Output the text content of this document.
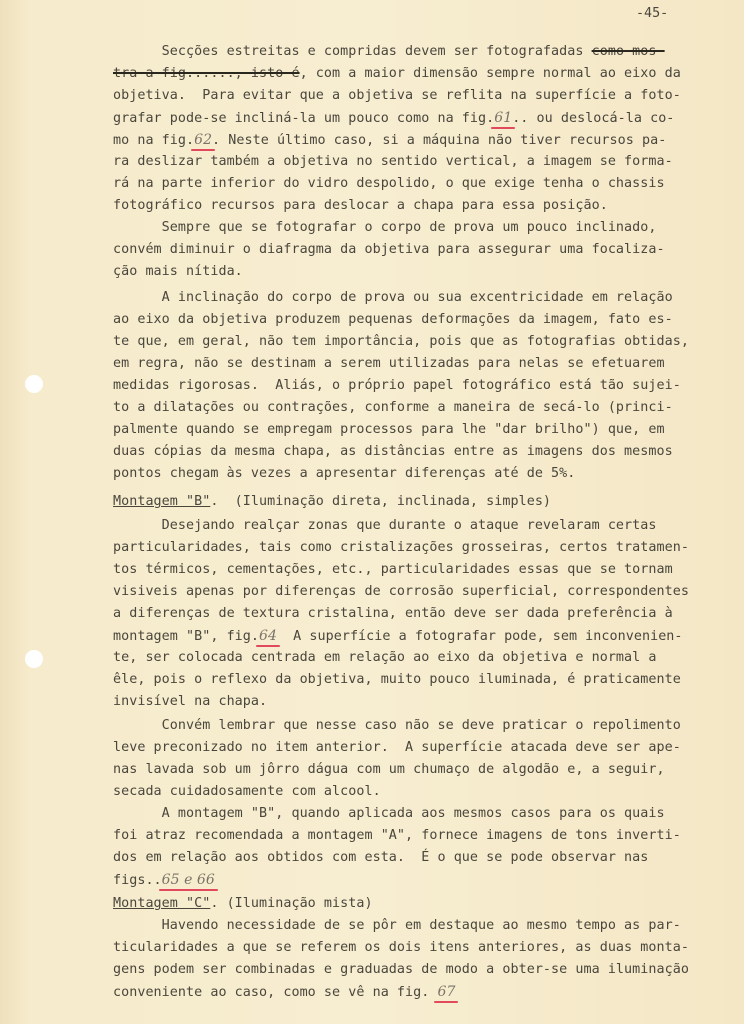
-45-
Secções estreitas e compridas devem ser fotografadas como mos-
tra a fig......, isto é, com a maior dimensão sempre normal ao eixo da
objetiva.  Para evitar que a objetiva se reflita na superfície a foto-
grafar pode-se incliná-la um pouco como na fig.61.. ou deslocá-la co-
mo na fig.62. Neste último caso, si a máquina não tiver recursos pa-
ra deslizar também a objetiva no sentido vertical, a imagem se forma-
rá na parte inferior do vidro despolido, o que exige tenha o chassis
fotográfico recursos para deslocar a chapa para essa posição.
Sempre que se fotografar o corpo de prova um pouco inclinado,
convém diminuir o diafragma da objetiva para assegurar uma focaliza-
ção mais nítida.
A inclinação do corpo de prova ou sua excentricidade em relação
ao eixo da objetiva produzem pequenas deformações da imagem, fato es-
te que, em geral, não tem importância, pois que as fotografias obtidas,
em regra, não se destinam a serem utilizadas para nelas se efetuarem
medidas rigorosas.  Aliás, o próprio papel fotográfico está tão sujei-
to a dilatações ou contrações, conforme a maneira de secá-lo (princi-
palmente quando se empregam processos para lhe "dar brilho") que, em
duas cópias da mesma chapa, as distâncias entre as imagens dos mesmos
pontos chegam às vezes a apresentar diferenças até de 5%.
Montagem "B".  (Iluminação direta, inclinada, simples)
Desejando realçar zonas que durante o ataque revelaram certas
particularidades, tais como cristalizações grosseiras, certos tratamen-
tos térmicos, cementações, etc., particularidades essas que se tornam
visiveis apenas por diferenças de corrosão superficial, correspondentes
a diferenças de textura cristalina, então deve ser dada preferência à
montagem "B", fig.64  A superfície a fotografar pode, sem inconvenien-
te, ser colocada centrada em relação ao eixo da objetiva e normal a
êle, pois o reflexo da objetiva, muito pouco iluminada, é praticamente
invisível na chapa.
Convém lembrar que nesse caso não se deve praticar o repolimento
leve preconizado no item anterior.  A superfície atacada deve ser ape-
nas lavada sob um jôrro dágua com um chumaço de algodão e, a seguir,
secada cuidadosamente com alcool.
A montagem "B", quando aplicada aos mesmos casos para os quais
foi atraz recomendada a montagem "A", fornece imagens de tons inverti-
dos em relação aos obtidos com esta.  É o que se pode observar nas
figs..65 e 66
Montagem "C". (Iluminação mista)
Havendo necessidade de se pôr em destaque ao mesmo tempo as par-
ticularidades a que se referem os dois itens anteriores, as duas monta-
gens podem ser combinadas e graduadas de modo a obter-se uma iluminação
conveniente ao caso, como se vê na fig. 67
